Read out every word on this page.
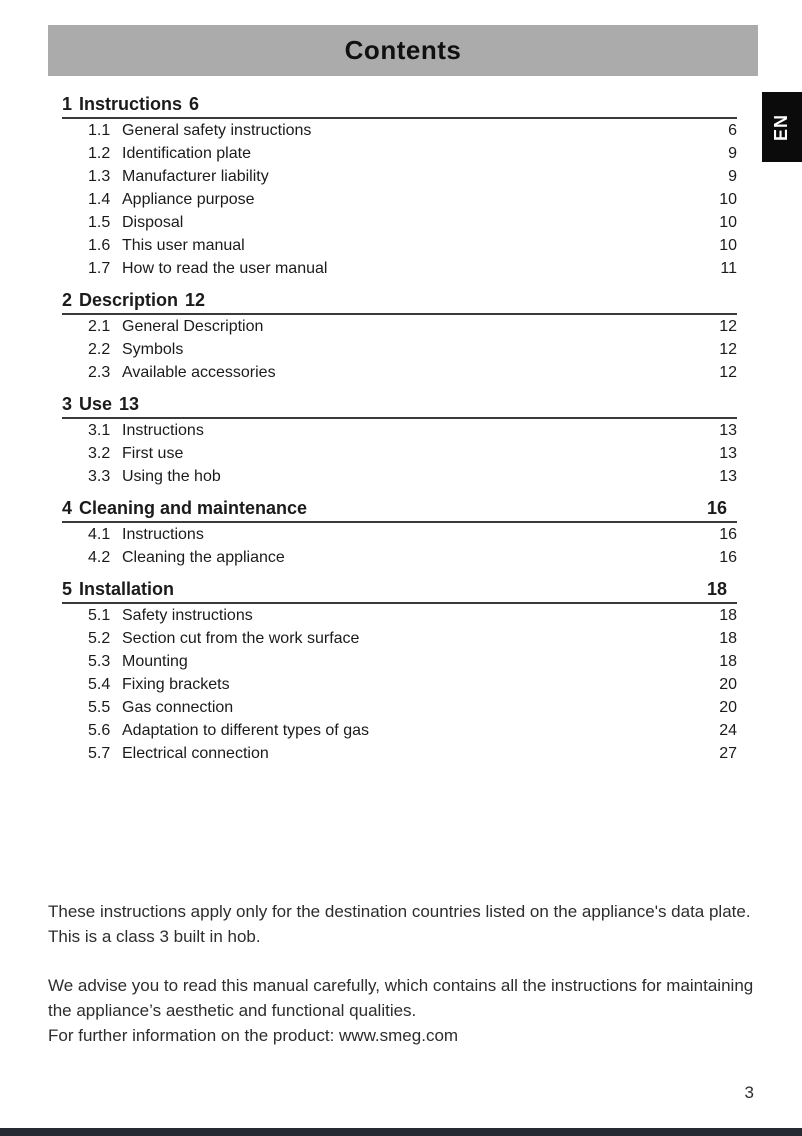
Contents
EN
1 Instructions 6
1.1 General safety instructions	6
1.2 Identification plate	9
1.3 Manufacturer liability	9
1.4 Appliance purpose	10
1.5 Disposal	10
1.6 This user manual	10
1.7 How to read the user manual	11
2 Description 12
2.1 General Description	12
2.2 Symbols	12
2.3 Available accessories	12
3 Use 13
3.1 Instructions	13
3.2 First use	13
3.3 Using the hob	13
4 Cleaning and maintenance	16
4.1 Instructions	16
4.2 Cleaning the appliance	16
5 Installation	18
5.1 Safety instructions	18
5.2 Section cut from the work surface	18
5.3 Mounting	18
5.4 Fixing brackets	20
5.5 Gas connection	20
5.6 Adaptation to different types of gas	24
5.7 Electrical connection	27

These instructions apply only for the destination countries listed on the appliance's data plate.

This is a class 3 built in hob.

We advise you to read this manual carefully, which contains all the instructions for maintaining the appliance’s aesthetic and functional qualities.

For further information on the product: www.smeg.com

3
